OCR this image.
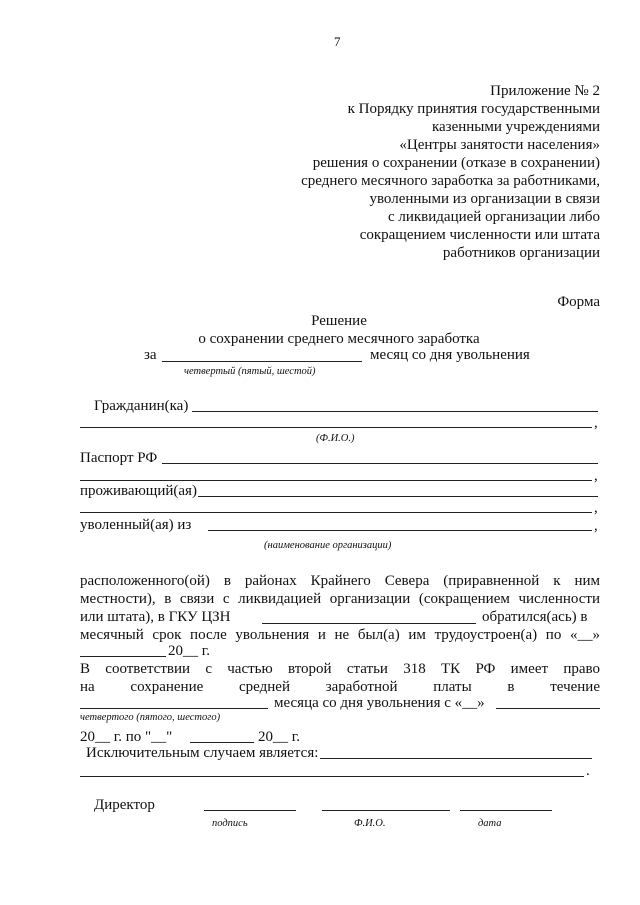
7
Приложение № 2
к Порядку принятия государственными
казенными учреждениями
«Центры занятости населения»
решения о сохранении (отказе в сохранении)
среднего месячного заработка за работниками,
уволенными из организации в связи
с ликвидацией организации либо
сокращением численности или штата
работников организации
Форма
Решение
о сохранении среднего месячного заработка
за	месяц со дня увольнения
четвертый (пятый, шестой)
Гражданин(ка)
,
(Ф.И.О.)
Паспорт РФ
,
проживающий(ая)
,
уволенный(ая) из	,
(наименование организации)
расположенного(ой) в районах Крайнего Севера (приравненной к ним
местности), в связи с ликвидацией организации (сокращением численности
или штата), в ГКУ ЦЗН	обратился(ась) в
месячный срок после увольнения и не был(а) им трудоустроен(а) по «__»
20__ г.
В соответствии с частью второй статьи 318 ТК РФ имеет право
на сохранение средней заработной платы в течение
месяца со дня увольнения с «__»
четвертого (пятого, шестого)
20__ г. по "__"	20__ г.
Исключительным случаем является:
.
Директор
подпись	Ф.И.О.	дата
